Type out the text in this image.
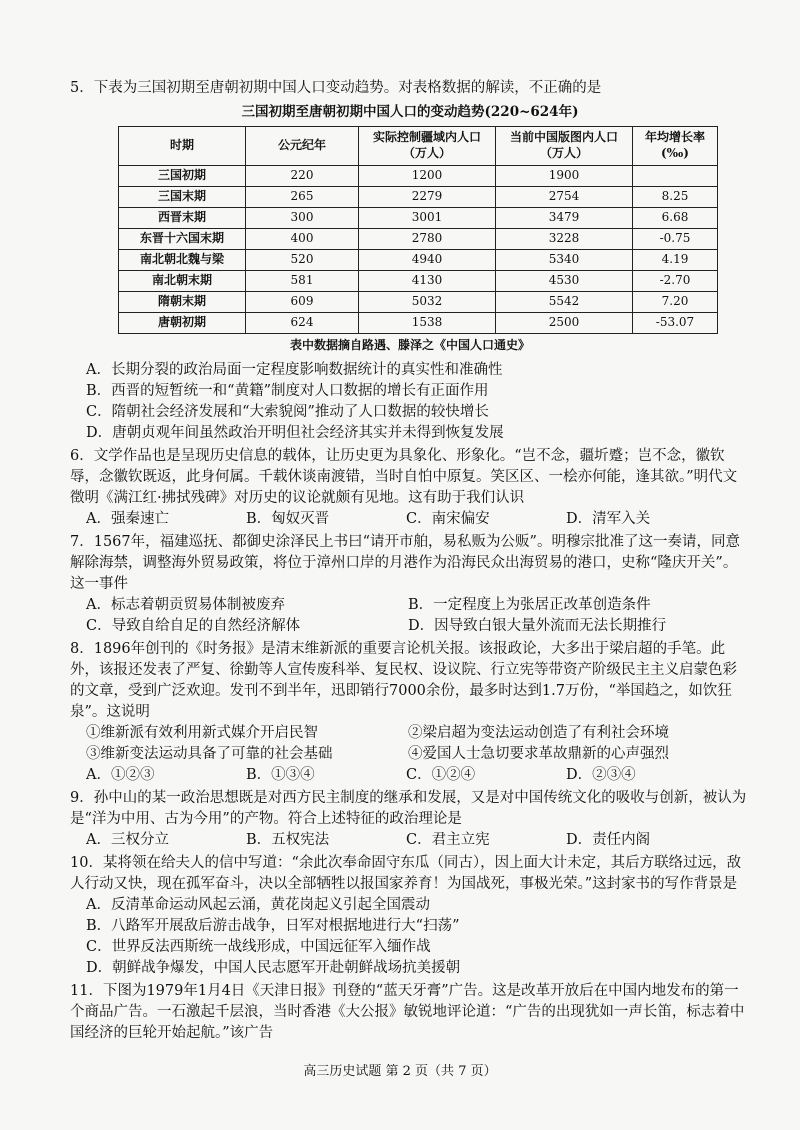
5．下表为三国初期至唐朝初期中国人口变动趋势。对表格数据的解读，不正确的是
三国初期至唐朝初期中国人口的变动趋势(220~624年)
时期	公元纪年	实际控制疆域内人口（万人）	当前中国版图内人口（万人）	年均增长率(‰)
三国初期	220	1200	1900	
三国末期	265	2279	2754	8.25
西晋末期	300	3001	3479	6.68
东晋十六国末期	400	2780	3228	-0.75
南北朝北魏与梁	520	4940	5340	4.19
南北朝末期	581	4130	4530	-2.70
隋朝末期	609	5032	5542	7.20
唐朝初期	624	1538	2500	-53.07
表中数据摘自路遇、滕泽之《中国人口通史》
A．长期分裂的政治局面一定程度影响数据统计的真实性和准确性
B．西晋的短暂统一和“黄籍”制度对人口数据的增长有正面作用
C．隋朝社会经济发展和“大索貌阅”推动了人口数据的较快增长
D．唐朝贞观年间虽然政治开明但社会经济其实并未得到恢复发展
6．文学作品也是呈现历史信息的载体，让历史更为具象化、形象化。“岂不念，疆圻蹙；岂不念，徽钦辱，念徽钦既返，此身何属。千载休谈南渡错，当时自怕中原复。笑区区、一桧亦何能，逢其欲。”明代文徵明《满江红·拂拭残碑》对历史的议论就颇有见地。这有助于我们认识
A．强秦速亡	B．匈奴灭晋	C．南宋偏安	D．清军入关
7．1567年，福建巡抚、都御史涂泽民上书曰“请开市舶，易私贩为公贩”。明穆宗批准了这一奏请，同意解除海禁，调整海外贸易政策，将位于漳州口岸的月港作为沿海民众出海贸易的港口，史称“隆庆开关”。这一事件
A．标志着朝贡贸易体制被废弃	B．一定程度上为张居正改革创造条件
C．导致自给自足的自然经济解体	D．因导致白银大量外流而无法长期推行
8．1896年创刊的《时务报》是清末维新派的重要言论机关报。该报政论，大多出于梁启超的手笔。此外，该报还发表了严复、徐勤等人宣传废科举、复民权、设议院、行立宪等带资产阶级民主主义启蒙色彩的文章，受到广泛欢迎。发刊不到半年，迅即销行7000余份，最多时达到1.7万份，“举国趋之，如饮狂泉”。这说明
①维新派有效利用新式媒介开启民智	②梁启超为变法运动创造了有利社会环境
③维新变法运动具备了可靠的社会基础	④爱国人士急切要求革故鼎新的心声强烈
A．①②③	B．①③④	C．①②④	D．②③④
9．孙中山的某一政治思想既是对西方民主制度的继承和发展，又是对中国传统文化的吸收与创新，被认为是“洋为中用、古为今用”的产物。符合上述特征的政治理论是
A．三权分立	B．五权宪法	C．君主立宪	D．责任内阁
10．某将领在给夫人的信中写道：“余此次奉命固守东瓜（同古），因上面大计未定，其后方联络过远，敌人行动又快，现在孤军奋斗，决以全部牺牲以报国家养育！为国战死，事极光荣。”这封家书的写作背景是
A．反清革命运动风起云涌，黄花岗起义引起全国震动
B．八路军开展敌后游击战争，日军对根据地进行大“扫荡”
C．世界反法西斯统一战线形成，中国远征军入缅作战
D．朝鲜战争爆发，中国人民志愿军开赴朝鲜战场抗美援朝
11．下图为1979年1月4日《天津日报》刊登的“蓝天牙膏”广告。这是改革开放后在中国内地发布的第一个商品广告。一石激起千层浪，当时香港《大公报》敏锐地评论道：“广告的出现犹如一声长笛，标志着中国经济的巨轮开始起航。”该广告
高三历史试题 第 2 页（共 7 页）
